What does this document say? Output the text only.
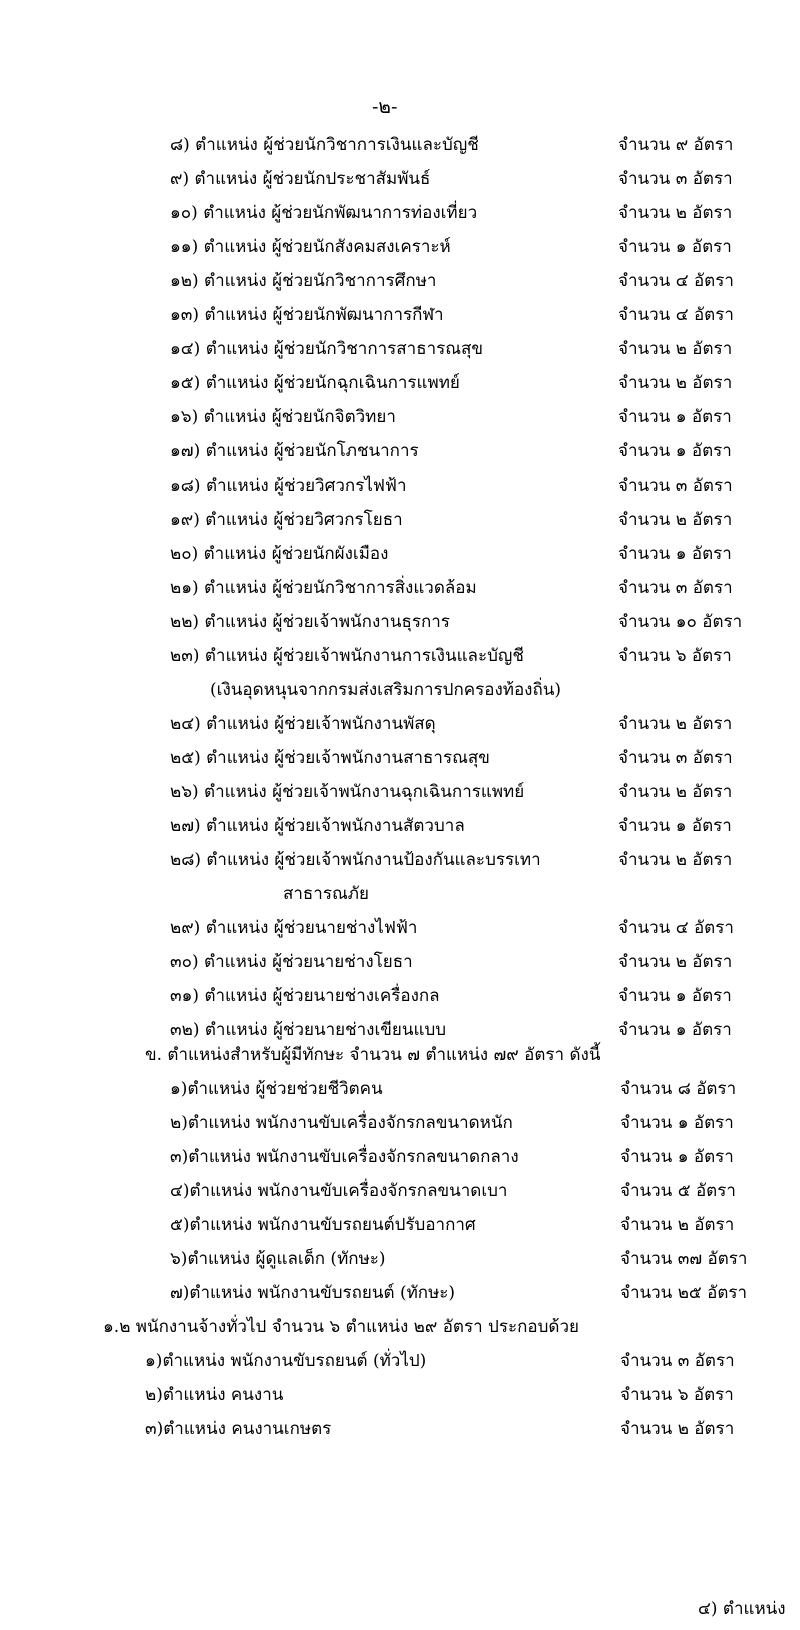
-๒-
๘) ตำแหน่ง ผู้ช่วยนักวิชาการเงินและบัญชี	จำนวน ๙ อัตรา
๙) ตำแหน่ง ผู้ช่วยนักประชาสัมพันธ์	จำนวน ๓ อัตรา
๑๐) ตำแหน่ง ผู้ช่วยนักพัฒนาการท่องเที่ยว	จำนวน ๒ อัตรา
๑๑) ตำแหน่ง ผู้ช่วยนักสังคมสงเคราะห์	จำนวน ๑ อัตรา
๑๒) ตำแหน่ง ผู้ช่วยนักวิชาการศึกษา	จำนวน ๔ อัตรา
๑๓) ตำแหน่ง ผู้ช่วยนักพัฒนาการกีฬา	จำนวน ๔ อัตรา
๑๔) ตำแหน่ง ผู้ช่วยนักวิชาการสาธารณสุข	จำนวน ๒ อัตรา
๑๕) ตำแหน่ง ผู้ช่วยนักฉุกเฉินการแพทย์	จำนวน ๒ อัตรา
๑๖) ตำแหน่ง ผู้ช่วยนักจิตวิทยา	จำนวน ๑ อัตรา
๑๗) ตำแหน่ง ผู้ช่วยนักโภชนาการ	จำนวน ๑ อัตรา
๑๘) ตำแหน่ง ผู้ช่วยวิศวกรไฟฟ้า	จำนวน ๓ อัตรา
๑๙) ตำแหน่ง ผู้ช่วยวิศวกรโยธา	จำนวน ๒ อัตรา
๒๐) ตำแหน่ง ผู้ช่วยนักผังเมือง	จำนวน ๑ อัตรา
๒๑) ตำแหน่ง ผู้ช่วยนักวิชาการสิ่งแวดล้อม	จำนวน ๓ อัตรา
๒๒) ตำแหน่ง ผู้ช่วยเจ้าพนักงานธุรการ	จำนวน ๑๐ อัตรา
๒๓) ตำแหน่ง ผู้ช่วยเจ้าพนักงานการเงินและบัญชี	จำนวน ๖ อัตรา
(เงินอุดหนุนจากกรมส่งเสริมการปกครองท้องถิ่น)
๒๔) ตำแหน่ง ผู้ช่วยเจ้าพนักงานพัสดุ	จำนวน ๒ อัตรา
๒๕) ตำแหน่ง ผู้ช่วยเจ้าพนักงานสาธารณสุข	จำนวน ๓ อัตรา
๒๖) ตำแหน่ง ผู้ช่วยเจ้าพนักงานฉุกเฉินการแพทย์	จำนวน ๒ อัตรา
๒๗) ตำแหน่ง ผู้ช่วยเจ้าพนักงานสัตวบาล	จำนวน ๑ อัตรา
๒๘) ตำแหน่ง ผู้ช่วยเจ้าพนักงานป้องกันและบรรเทา	จำนวน ๒ อัตรา
สาธารณภัย
๒๙) ตำแหน่ง ผู้ช่วยนายช่างไฟฟ้า	จำนวน ๔ อัตรา
๓๐) ตำแหน่ง ผู้ช่วยนายช่างโยธา	จำนวน ๒ อัตรา
๓๑) ตำแหน่ง ผู้ช่วยนายช่างเครื่องกล	จำนวน ๑ อัตรา
๓๒) ตำแหน่ง ผู้ช่วยนายช่างเขียนแบบ	จำนวน ๑ อัตรา
ข. ตำแหน่งสำหรับผู้มีทักษะ จำนวน ๗ ตำแหน่ง ๗๙ อัตรา ดังนี้
๑)ตำแหน่ง ผู้ช่วยช่วยชีวิตคน	จำนวน ๘ อัตรา
๒)ตำแหน่ง พนักงานขับเครื่องจักรกลขนาดหนัก	จำนวน ๑ อัตรา
๓)ตำแหน่ง พนักงานขับเครื่องจักรกลขนาดกลาง	จำนวน ๑ อัตรา
๔)ตำแหน่ง พนักงานขับเครื่องจักรกลขนาดเบา	จำนวน ๕ อัตรา
๕)ตำแหน่ง พนักงานขับรถยนต์ปรับอากาศ	จำนวน ๒ อัตรา
๖)ตำแหน่ง ผู้ดูแลเด็ก (ทักษะ)	จำนวน ๓๗ อัตรา
๗)ตำแหน่ง พนักงานขับรถยนต์ (ทักษะ)	จำนวน ๒๕ อัตรา
๑.๒ พนักงานจ้างทั่วไป จำนวน ๖ ตำแหน่ง ๒๙ อัตรา ประกอบด้วย
๑)ตำแหน่ง พนักงานขับรถยนต์ (ทั่วไป)	จำนวน ๓ อัตรา
๒)ตำแหน่ง คนงาน	จำนวน ๖ อัตรา
๓)ตำแหน่ง คนงานเกษตร	จำนวน ๒ อัตรา
๔) ตำแหน่ง
